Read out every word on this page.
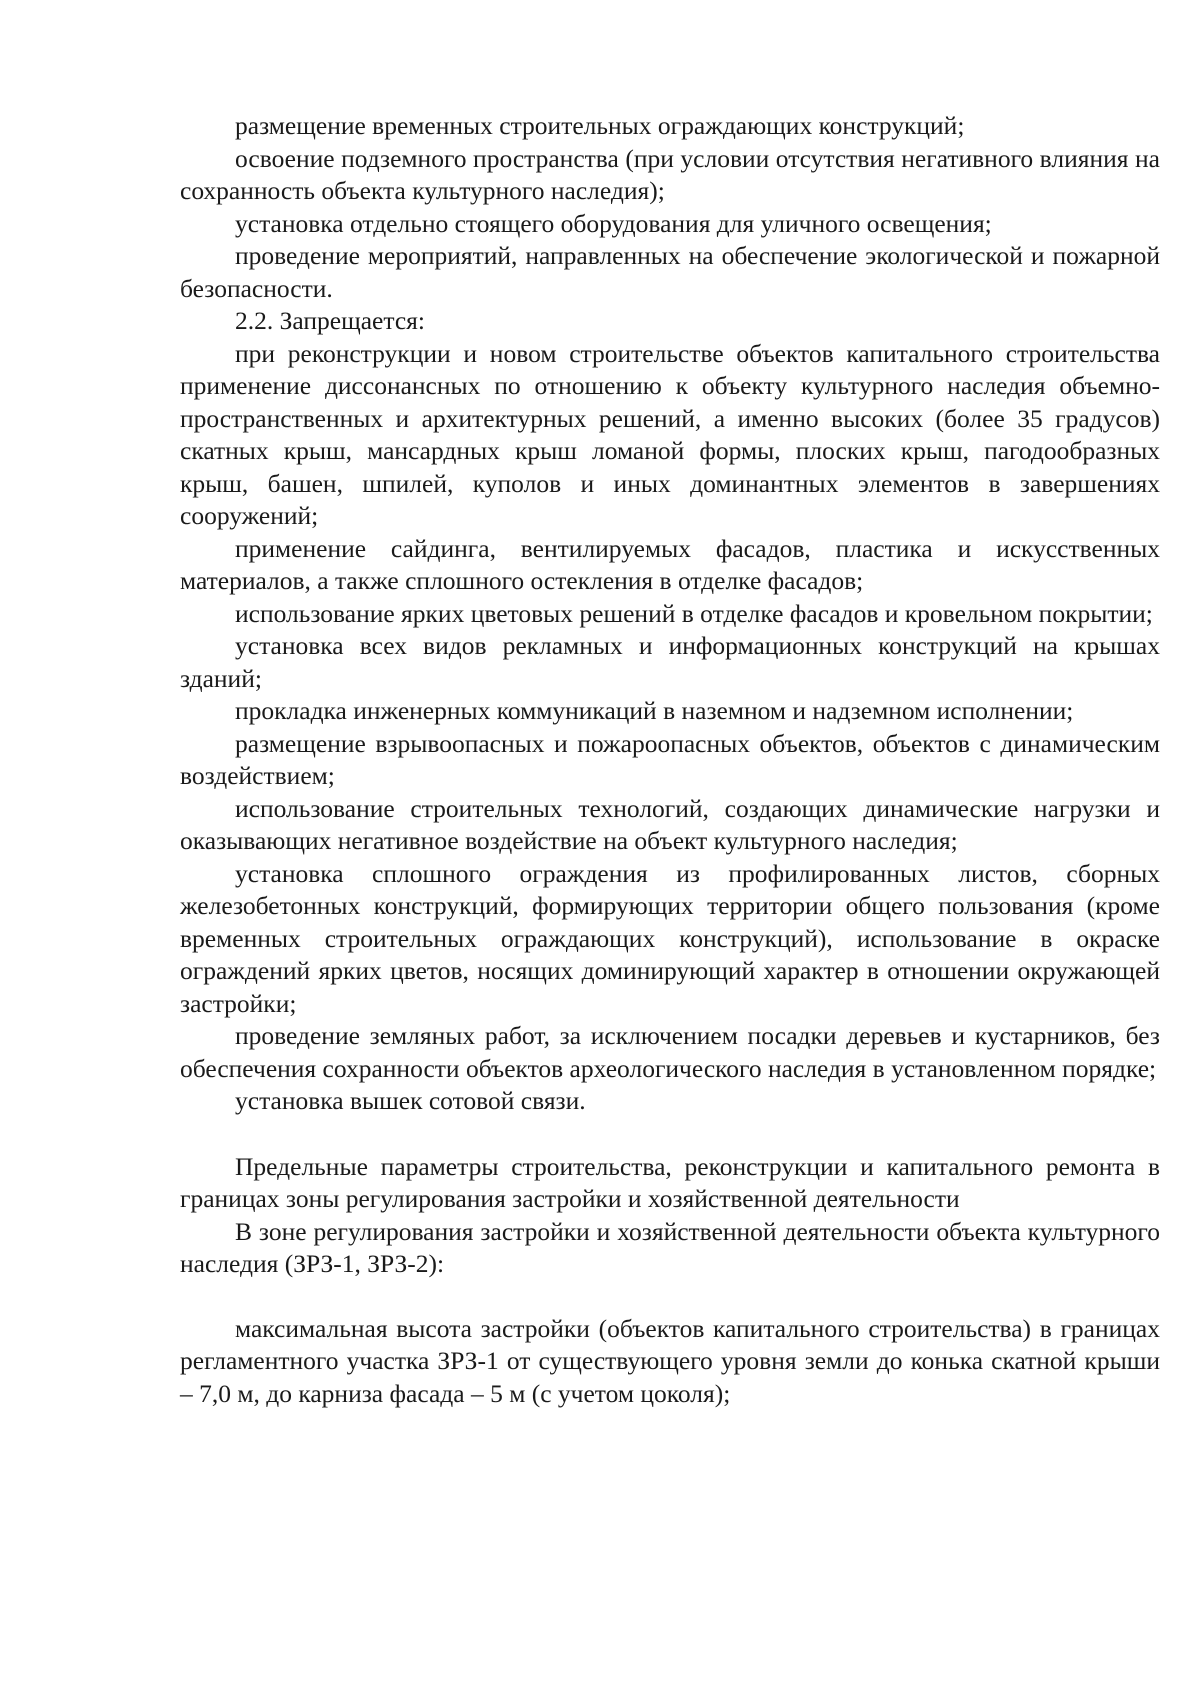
размещение временных строительных ограждающих конструкций;

освоение подземного пространства (при условии отсутствия негативного влияния на сохранность объекта культурного наследия);

установка отдельно стоящего оборудования для уличного освещения;

проведение мероприятий, направленных на обеспечение экологической и пожарной безопасности.

2.2. Запрещается:

при реконструкции и новом строительстве объектов капитального строительства применение диссонансных по отношению к объекту культурного наследия объемно-пространственных и архитектурных решений, а именно высоких (более 35 градусов) скатных крыш, мансардных крыш ломаной формы, плоских крыш, пагодообразных крыш, башен, шпилей, куполов и иных доминантных элементов в завершениях сооружений;

применение сайдинга, вентилируемых фасадов, пластика и искусственных материалов, а также сплошного остекления в отделке фасадов;

использование ярких цветовых решений в отделке фасадов и кровельном покрытии;

установка всех видов рекламных и информационных конструкций на крышах зданий;

прокладка инженерных коммуникаций в наземном и надземном исполнении;

размещение взрывоопасных и пожароопасных объектов, объектов с динамическим воздействием;

использование строительных технологий, создающих динамические нагрузки и оказывающих негативное воздействие на объект культурного наследия;

установка сплошного ограждения из профилированных листов, сборных железобетонных конструкций, формирующих территории общего пользования (кроме временных строительных ограждающих конструкций), использование в окраске ограждений ярких цветов, носящих доминирующий характер в отношении окружающей застройки;

проведение земляных работ, за исключением посадки деревьев и кустарников, без обеспечения сохранности объектов археологического наследия в установленном порядке;

установка вышек сотовой связи.

Предельные параметры строительства, реконструкции и капитального ремонта в границах зоны регулирования застройки и хозяйственной деятельности

В зоне регулирования застройки и хозяйственной деятельности объекта культурного наследия (ЗРЗ-1, ЗРЗ-2):

максимальная высота застройки (объектов капитального строительства) в границах регламентного участка ЗРЗ-1 от существующего уровня земли до конька скатной крыши – 7,0 м, до карниза фасада – 5 м (с учетом цоколя);
